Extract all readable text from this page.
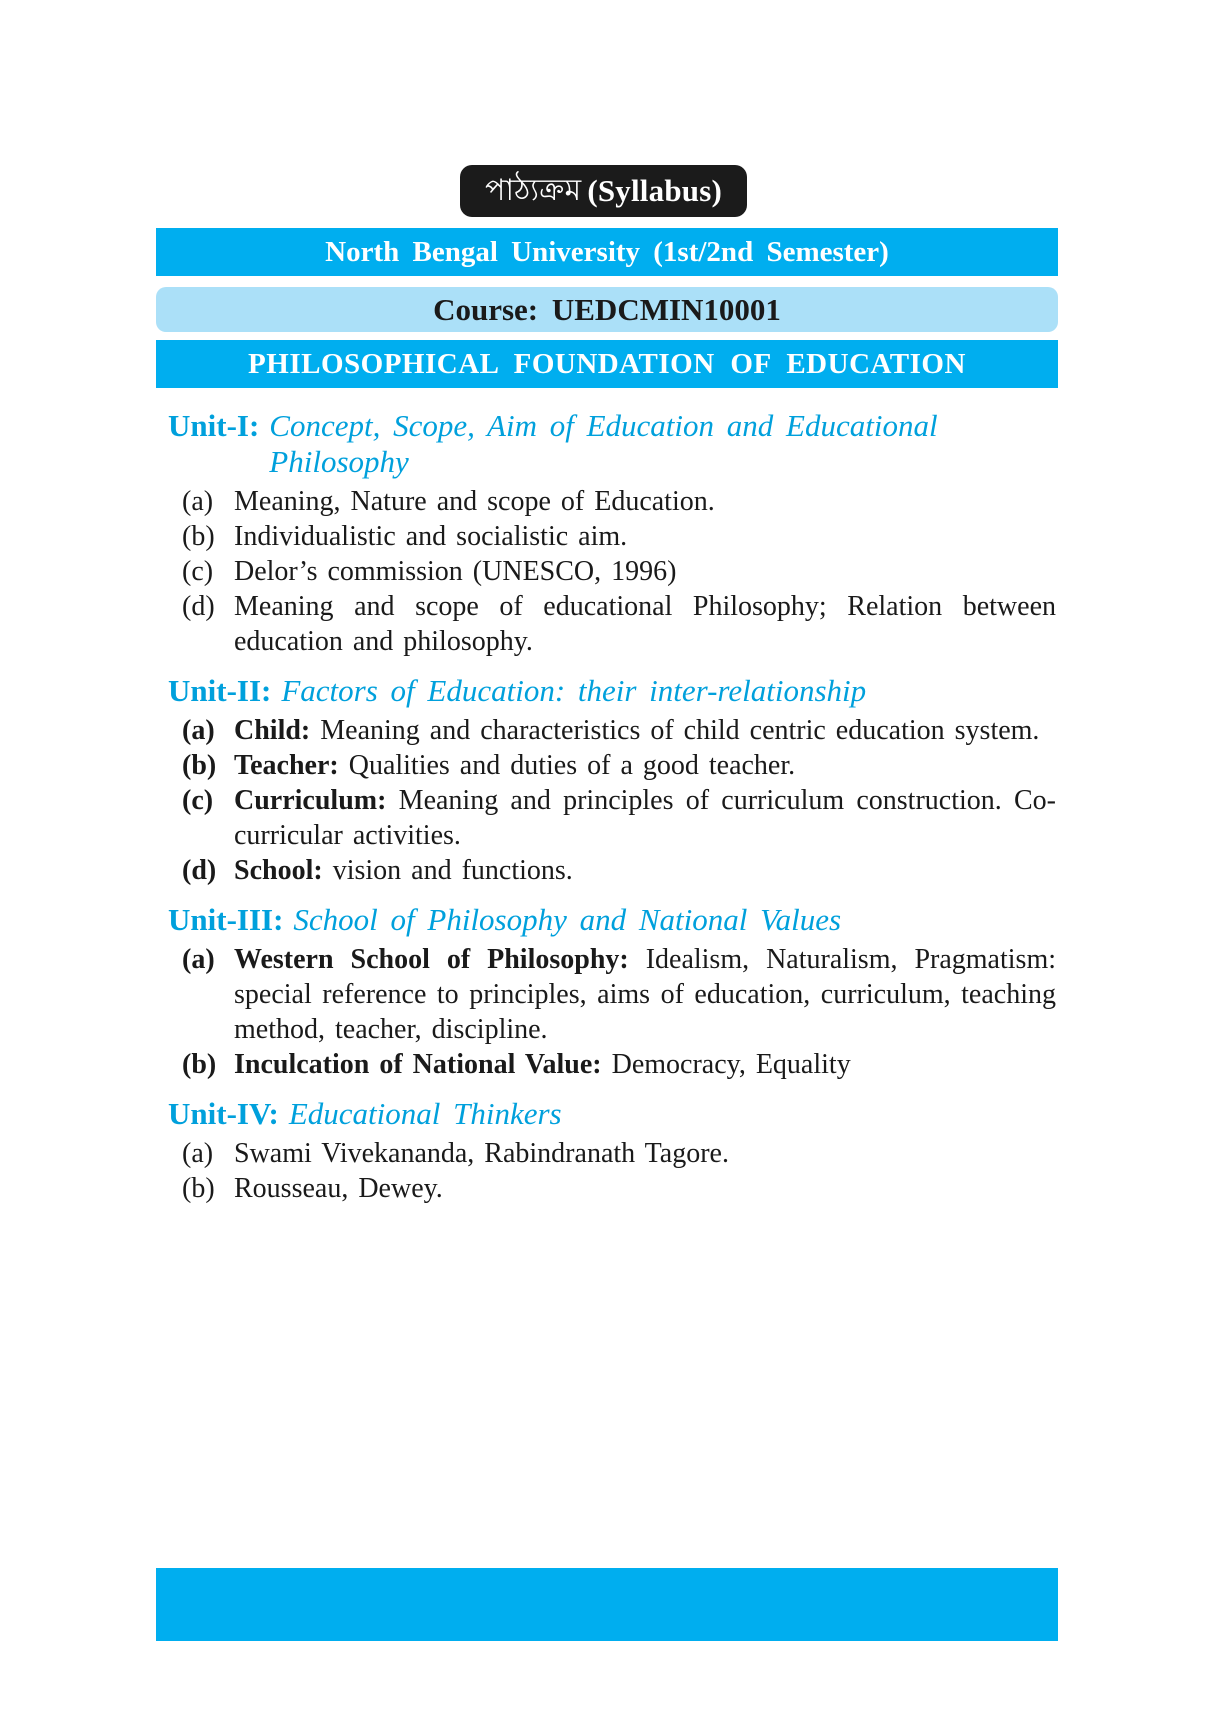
পাঠ্যক্রম (Syllabus)
North Bengal University (1st/2nd Semester)
Course: UEDCMIN10001
PHILOSOPHICAL FOUNDATION OF EDUCATION
Unit-I: Concept, Scope, Aim of Education and Educational Philosophy
(a) Meaning, Nature and scope of Education.
(b) Individualistic and socialistic aim.
(c) Delor’s commission (UNESCO, 1996)
(d) Meaning and scope of educational Philosophy; Relation between education and philosophy.
Unit-II: Factors of Education: their inter-relationship
(a) Child: Meaning and characteristics of child centric education system.
(b) Teacher: Qualities and duties of a good teacher.
(c) Curriculum: Meaning and principles of curriculum construction. Co-curricular activities.
(d) School: vision and functions.
Unit-III: School of Philosophy and National Values
(a) Western School of Philosophy: Idealism, Naturalism, Pragmatism: special reference to principles, aims of education, curriculum, teaching method, teacher, discipline.
(b) Inculcation of National Value: Democracy, Equality
Unit-IV: Educational Thinkers
(a) Swami Vivekananda, Rabindranath Tagore.
(b) Rousseau, Dewey.
